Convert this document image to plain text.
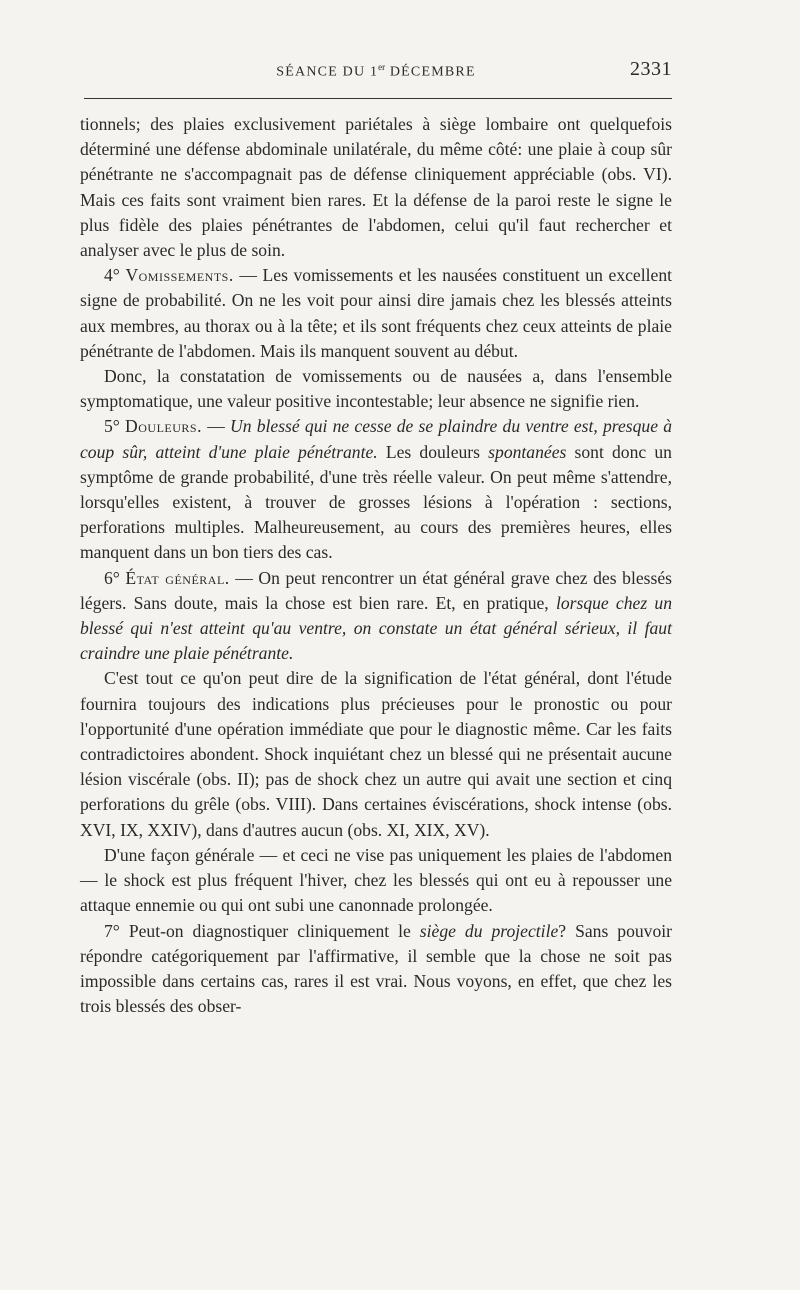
SÉANCE DU 1er DÉCEMBRE	2331

tionnels; des plaies exclusivement pariétales à siège lombaire ont quelquefois déterminé une défense abdominale unilatérale, du même côté: une plaie à coup sûr pénétrante ne s'accompagnait pas de défense cliniquement appréciable (obs. VI). Mais ces faits sont vraiment bien rares. Et la défense de la paroi reste le signe le plus fidèle des plaies pénétrantes de l'abdomen, celui qu'il faut rechercher et analyser avec le plus de soin.

4° Vomissements. — Les vomissements et les nausées constituent un excellent signe de probabilité. On ne les voit pour ainsi dire jamais chez les blessés atteints aux membres, au thorax ou à la tête; et ils sont fréquents chez ceux atteints de plaie pénétrante de l'abdomen. Mais ils manquent souvent au début.

Donc, la constatation de vomissements ou de nausées a, dans l'ensemble symptomatique, une valeur positive incontestable; leur absence ne signifie rien.

5° Douleurs. — Un blessé qui ne cesse de se plaindre du ventre est, presque à coup sûr, atteint d'une plaie pénétrante. Les douleurs spontanées sont donc un symptôme de grande probabilité, d'une très réelle valeur. On peut même s'attendre, lorsqu'elles existent, à trouver de grosses lésions à l'opération : sections, perforations multiples. Malheureusement, au cours des premières heures, elles manquent dans un bon tiers des cas.

6° État général. — On peut rencontrer un état général grave chez des blessés légers. Sans doute, mais la chose est bien rare. Et, en pratique, lorsque chez un blessé qui n'est atteint qu'au ventre, on constate un état général sérieux, il faut craindre une plaie pénétrante.

C'est tout ce qu'on peut dire de la signification de l'état général, dont l'étude fournira toujours des indications plus précieuses pour le pronostic ou pour l'opportunité d'une opération immédiate que pour le diagnostic même. Car les faits contradictoires abondent. Shock inquiétant chez un blessé qui ne présentait aucune lésion viscérale (obs. II); pas de shock chez un autre qui avait une section et cinq perforations du grêle (obs. VIII). Dans certaines éviscérations, shock intense (obs. XVI, IX, XXIV), dans d'autres aucun (obs. XI, XIX, XV).

D'une façon générale — et ceci ne vise pas uniquement les plaies de l'abdomen — le shock est plus fréquent l'hiver, chez les blessés qui ont eu à repousser une attaque ennemie ou qui ont subi une canonnade prolongée.

7° Peut-on diagnostiquer cliniquement le siège du projectile? Sans pouvoir répondre catégoriquement par l'affirmative, il semble que la chose ne soit pas impossible dans certains cas, rares il est vrai. Nous voyons, en effet, que chez les trois blessés des obser-
